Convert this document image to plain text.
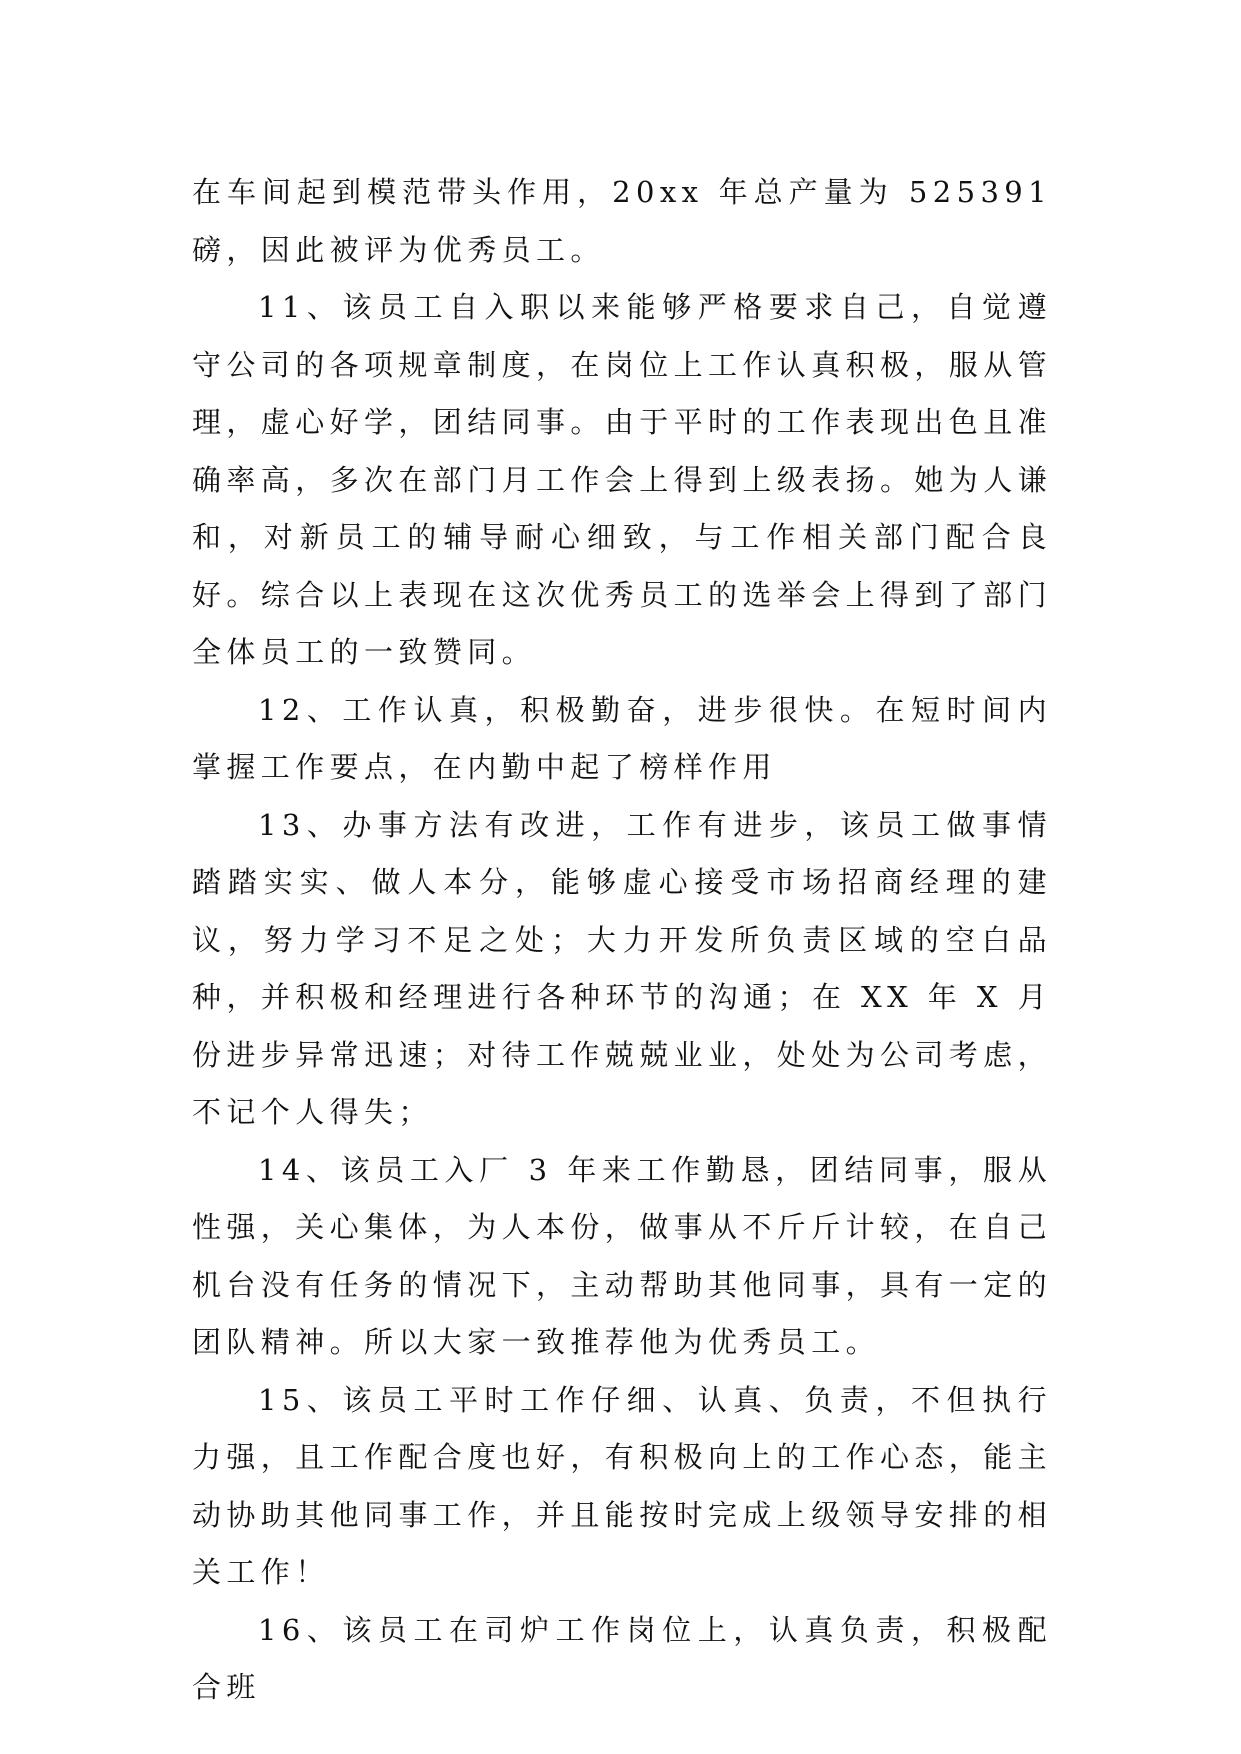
在车间起到模范带头作用，20xx 年总产量为 525391 磅，因此被评为优秀员工。

11、该员工自入职以来能够严格要求自己，自觉遵守公司的各项规章制度，在岗位上工作认真积极，服从管理，虚心好学，团结同事。由于平时的工作表现出色且准确率高，多次在部门月工作会上得到上级表扬。她为人谦和，对新员工的辅导耐心细致，与工作相关部门配合良好。综合以上表现在这次优秀员工的选举会上得到了部门全体员工的一致赞同。

12、工作认真，积极勤奋，进步很快。在短时间内掌握工作要点，在内勤中起了榜样作用

13、办事方法有改进，工作有进步，该员工做事情踏踏实实、做人本分，能够虚心接受市场招商经理的建议，努力学习不足之处；大力开发所负责区域的空白品种，并积极和经理进行各种环节的沟通；在 XX 年 X 月份进步异常迅速；对待工作兢兢业业，处处为公司考虑，不记个人得失；

14、该员工入厂 3 年来工作勤恳，团结同事，服从性强，关心集体，为人本份，做事从不斤斤计较，在自己机台没有任务的情况下，主动帮助其他同事，具有一定的团队精神。所以大家一致推荐他为优秀员工。

15、该员工平时工作仔细、认真、负责，不但执行力强，且工作配合度也好，有积极向上的工作心态，能主动协助其他同事工作，并且能按时完成上级领导安排的相关工作！

16、该员工在司炉工作岗位上，认真负责，积极配合班
